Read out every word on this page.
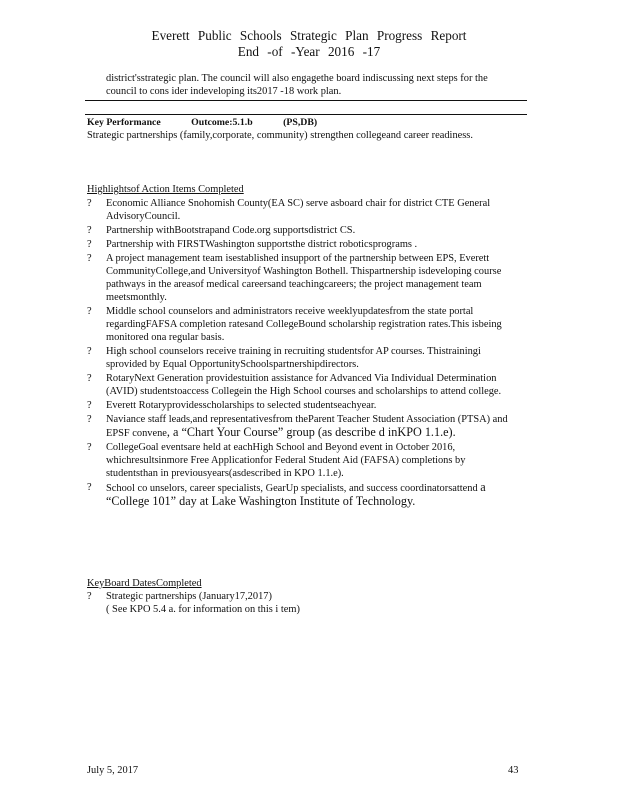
Everett Public Schools Strategic Plan Progress Report
End -of -Year 2016 -17

district'sstrategic plan. The council will also engagethe board indiscussing next steps for the council to cons ider indeveloping its2017 -18 work plan.

Key Performance	Outcome:5.1.b	(PS,DB)

Strategic partnerships (family,corporate, community) strengthen collegeand career readiness.

Highlightsof Action Items Completed

? Economic Alliance Snohomish County(EA SC) serve asboard chair for district CTE General AdvisoryCouncil.
? Partnership withBootstrapand Code.org supportsdistrict CS.
? Partnership with FIRSTWashington supportsthe district roboticsprograms .
? A project management team isestablished insupport of the partnership between EPS, Everett CommunityCollege,and Universityof Washington Bothell. Thispartnership isdeveloping course pathways in the areasof medical careersand teachingcareers; the project management team meetsmonthly.
? Middle school counselors and administrators receive weeklyupdatesfrom the state portal regardingFAFSA completion ratesand CollegeBound scholarship registration rates.This isbeing monitored ona regular basis.
? High school counselors receive training in recruiting studentsfor AP courses. Thistrainingi sprovided by Equal OpportunitySchoolspartnershipdirectors.
? RotaryNext Generation providestuition assistance for Advanced Via Individual Determination (AVID) studentstoaccess Collegein the High School courses and scholarships to attend college.
? Everett Rotaryprovidesscholarships to selected studentseachyear.
? Naviance staff leads,and representativesfrom theParent Teacher Student Association (PTSA) and EPSF convene, a “Chart Your Course” group (as describe d inKPO 1.1.e).
? CollegeGoal eventsare held at eachHigh School and Beyond event in October 2016, whichresultsinmore Free Applicationfor Federal Student Aid (FAFSA) completions by studentsthan in previousyears(asdescribed in KPO 1.1.e).
? School co unselors, career specialists, GearUp specialists, and success coordinatorsattend a “College 101” day at Lake Washington Institute of Technology.

KeyBoard DatesCompleted

? Strategic partnerships (January17,2017)
( See KPO 5.4 a. for information on this i tem)
July 5, 2017	43
